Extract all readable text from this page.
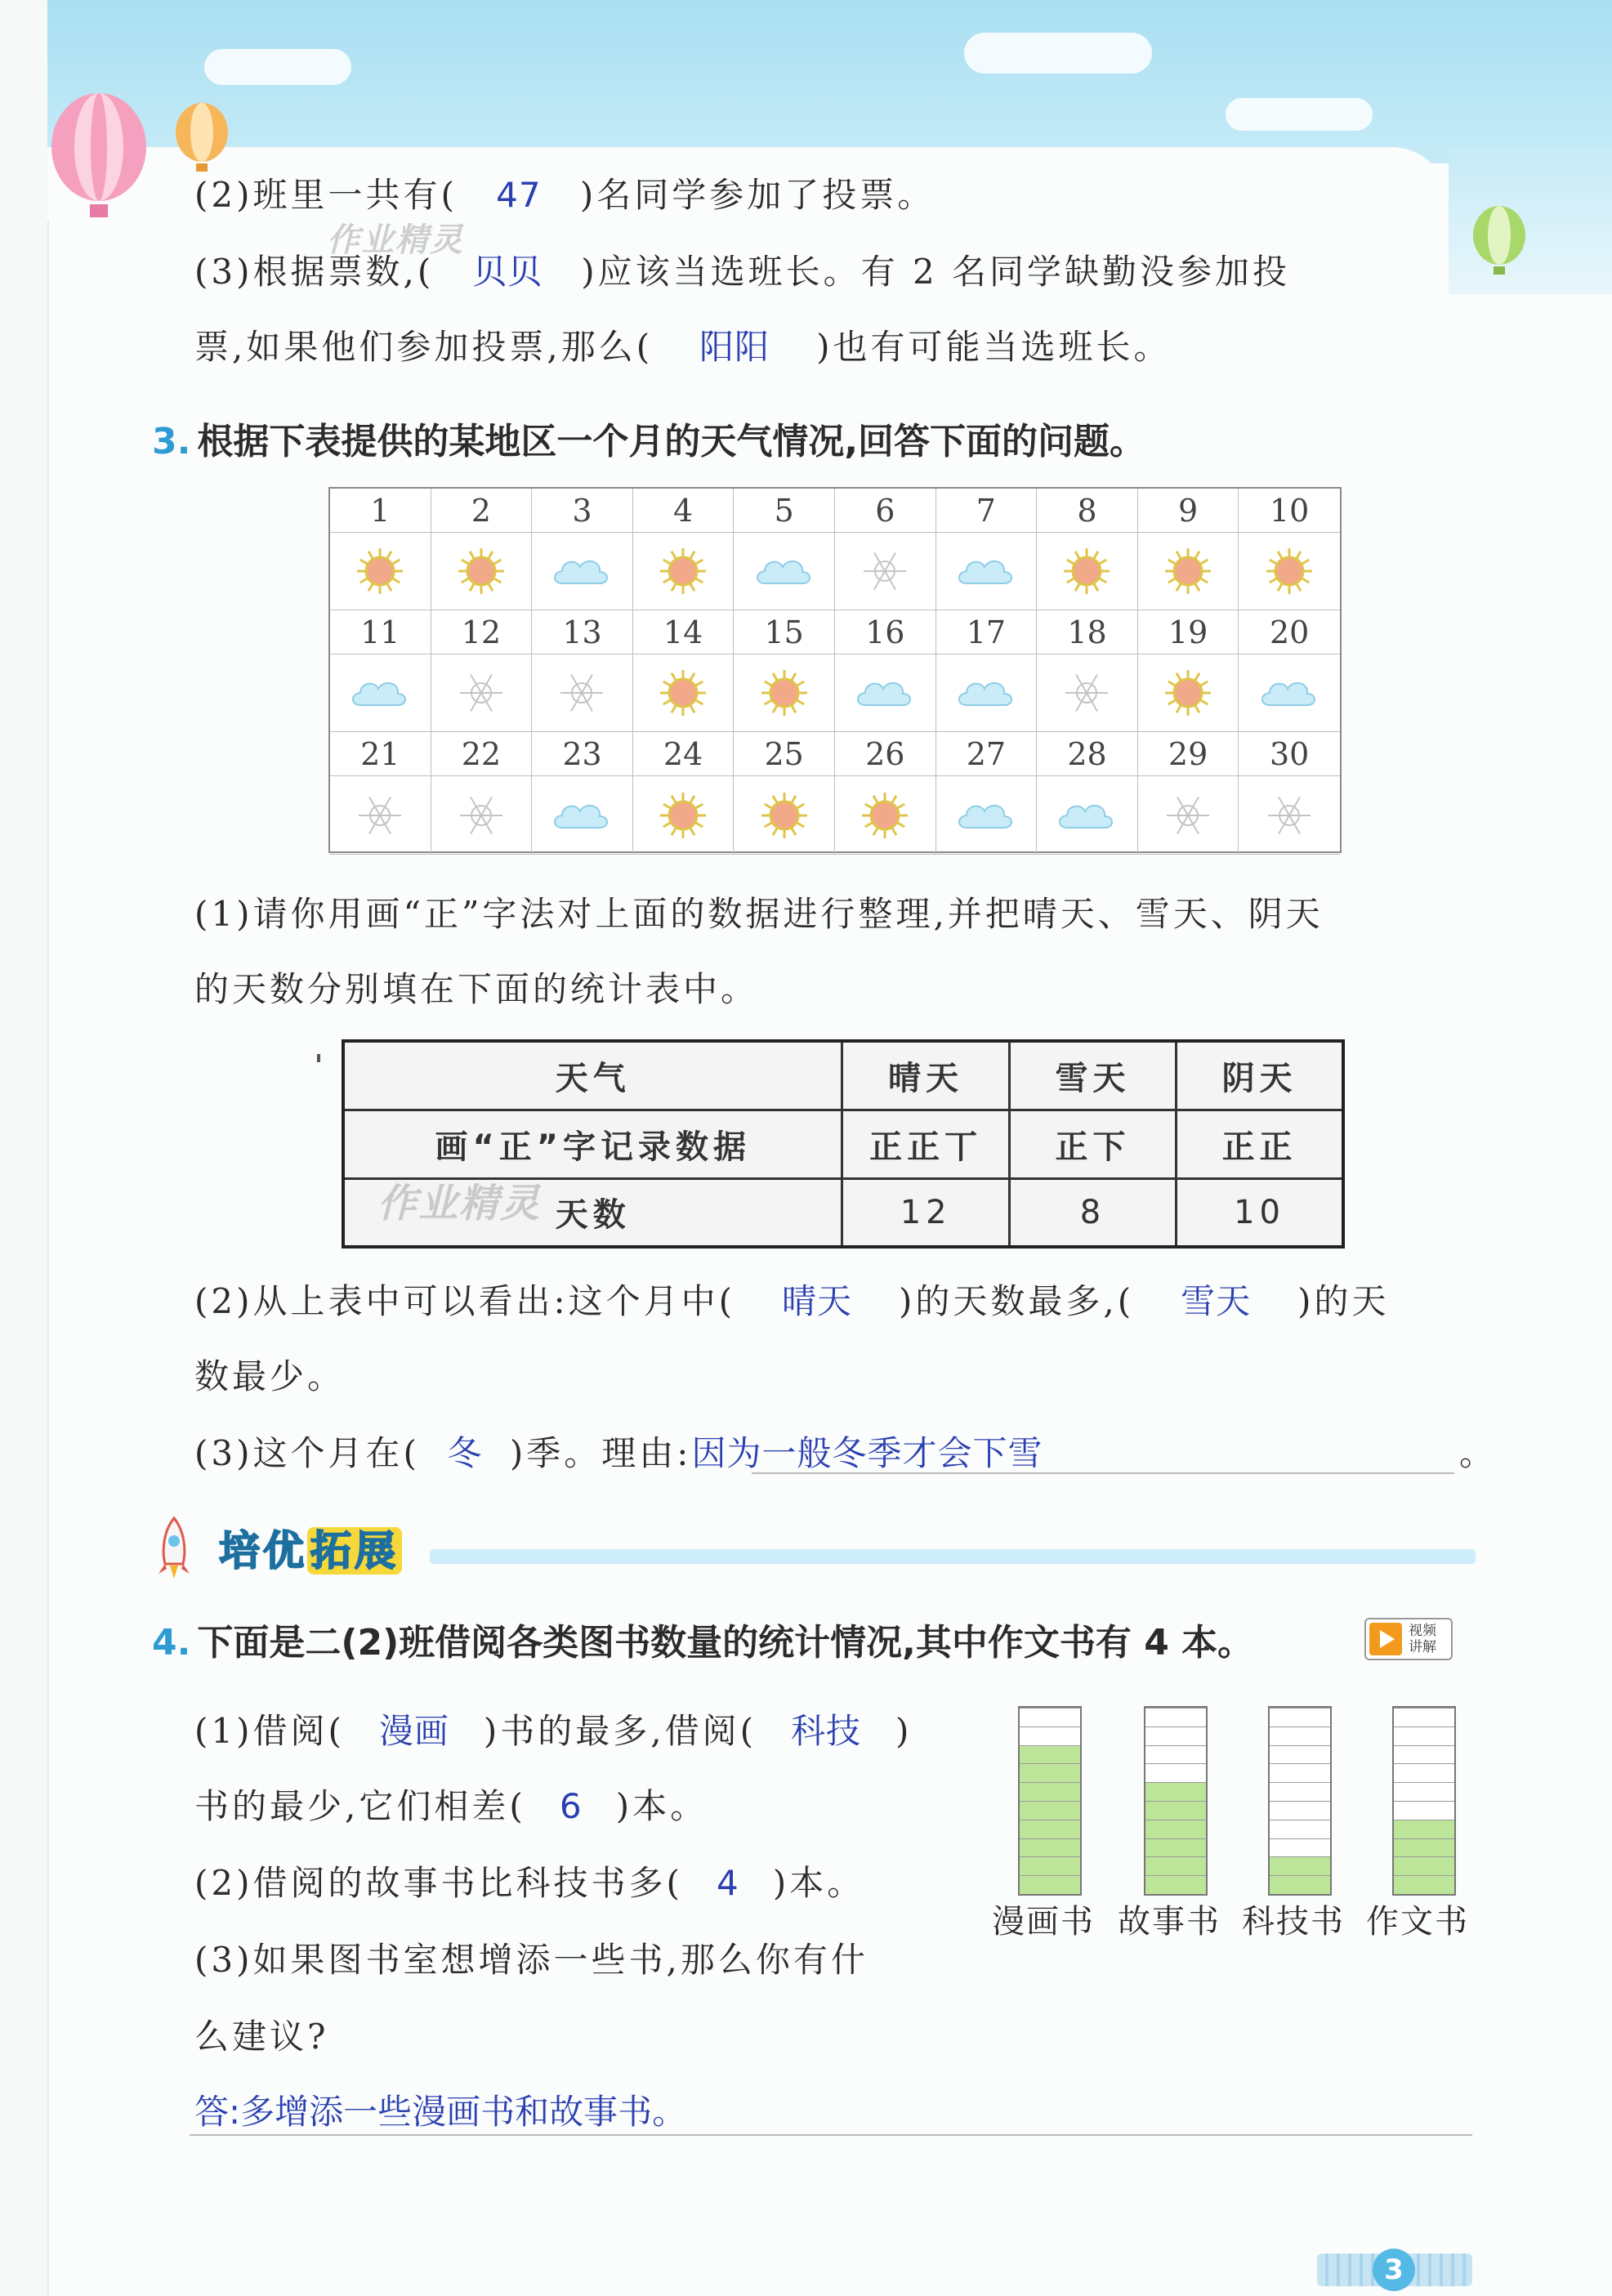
(2)班里一共有( 47 )名同学参加了投票。
(3)根据票数,( 贝贝 )应该当选班长。有 2 名同学缺勤没参加投
票,如果他们参加投票,那么( 阳阳 )也有可能当选班长。
3. 根据下表提供的某地区一个月的天气情况,回答下面的问题。
1	2	3	4	5	6	7	8	9	10
11	12	13	14	15	16	17	18	19	20
21	22	23	24	25	26	27	28	29	30
(1)请你用画“正”字法对上面的数据进行整理,并把晴天、雪天、阴天
的天数分别填在下面的统计表中。
天气	晴天	雪天	阴天
画“正”字记录数据	正正丅	正下	正正
天数	12	8	10
作业精灵
作业精灵
(2)从上表中可以看出:这个月中( 晴天 )的天数最多,( 雪天 )的天
数最少。
(3)这个月在( 冬 )季。理由:因为一般冬季才会下雪	。
培优拓展
4. 下面是二(2)班借阅各类图书数量的统计情况,其中作文书有 4 本。	视频
讲解
(1)借阅( 漫画 )书的最多,借阅( 科技 )
书的最少,它们相差( 6 )本。
(2)借阅的故事书比科技书多( 4 )本。
(3)如果图书室想增添一些书,那么你有什
么建议?
答:多增添一些漫画书和故事书。
漫画书 故事书 科技书 作文书
3
